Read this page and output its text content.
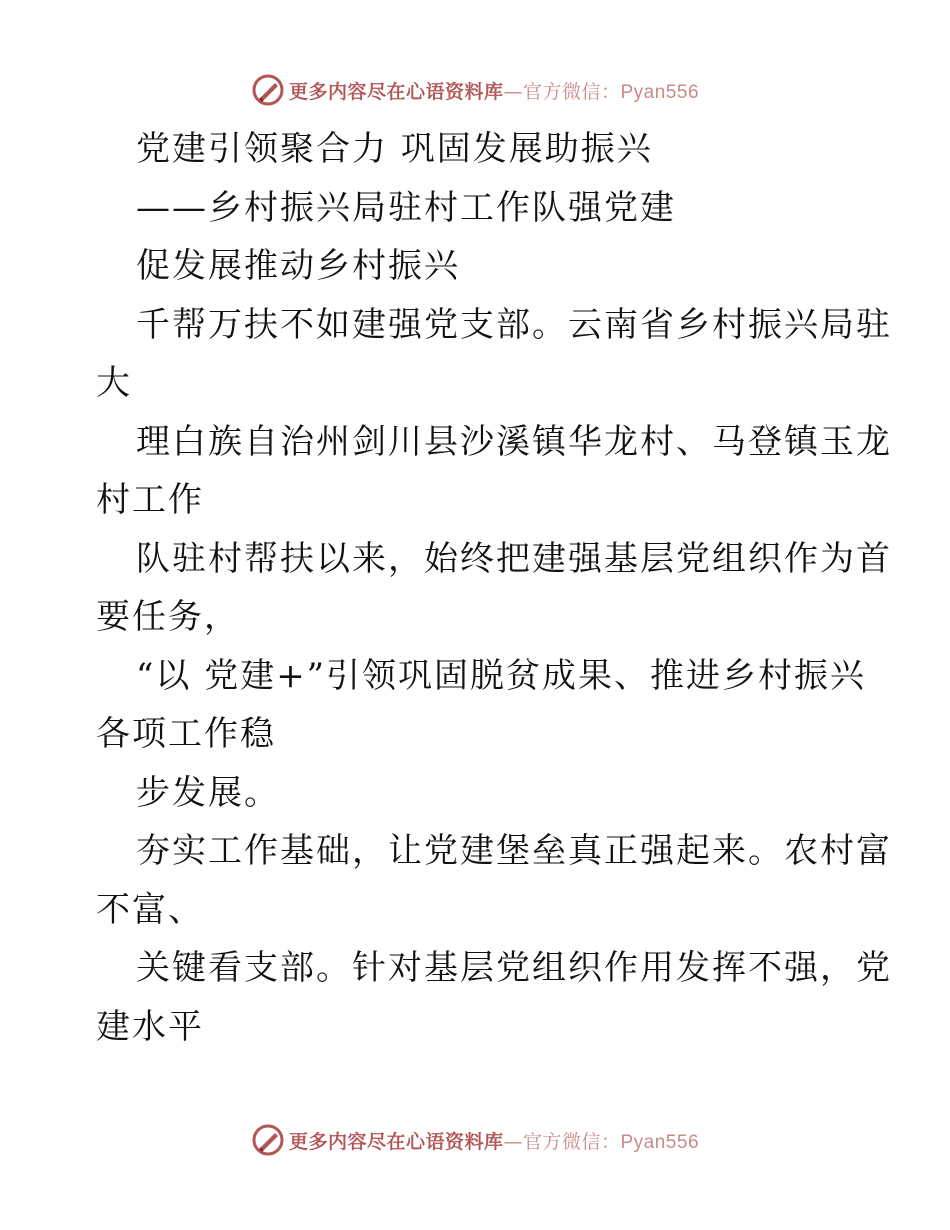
更多内容尽在心语资料库—官方微信：Pyan556
党建引领聚合力 巩固发展助振兴
——乡村振兴局驻村工作队强党建
促发展推动乡村振兴
千帮万扶不如建强党支部。云南省乡村振兴局驻
大
理白族自治州剑川县沙溪镇华龙村、马登镇玉龙
村工作
队驻村帮扶以来，始终把建强基层党组织作为首
要任务，
“以 党建+”引领巩固脱贫成果、推进乡村振兴
各项工作稳
步发展。
夯实工作基础，让党建堡垒真正强起来。农村富
不富、
关键看支部。针对基层党组织作用发挥不强，党
建水平
更多内容尽在心语资料库—官方微信：Pyan556
